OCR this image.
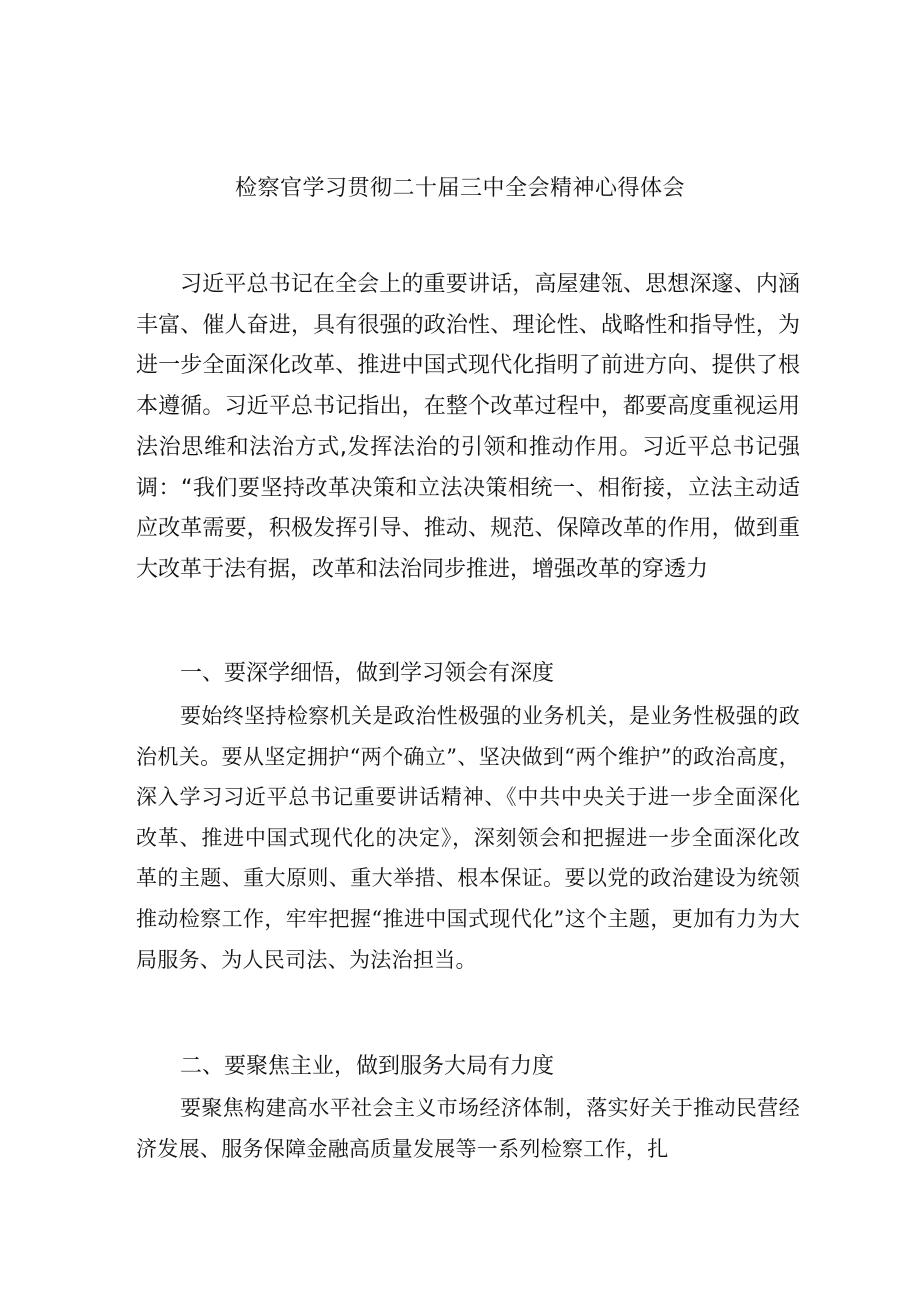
检察官学习贯彻二十届三中全会精神心得体会

习近平总书记在全会上的重要讲话，高屋建瓴、思想深邃、内涵丰富、催人奋进，具有很强的政治性、理论性、战略性和指导性，为进一步全面深化改革、推进中国式现代化指明了前进方向、提供了根本遵循。习近平总书记指出，在整个改革过程中，都要高度重视运用法治思维和法治方式,发挥法治的引领和推动作用。习近平总书记强调：“我们要坚持改革决策和立法决策相统一、相衔接，立法主动适应改革需要，积极发挥引导、推动、规范、保障改革的作用，做到重大改革于法有据，改革和法治同步推进，增强改革的穿透力

一、要深学细悟，做到学习领会有深度

要始终坚持检察机关是政治性极强的业务机关，是业务性极强的政治机关。要从坚定拥护“两个确立”、坚决做到“两个维护”的政治高度，深入学习习近平总书记重要讲话精神、《中共中央关于进一步全面深化改革、推进中国式现代化的决定》，深刻领会和把握进一步全面深化改革的主题、重大原则、重大举措、根本保证。要以党的政治建设为统领推动检察工作，牢牢把握“推进中国式现代化”这个主题，更加有力为大局服务、为人民司法、为法治担当。

二、要聚焦主业，做到服务大局有力度

要聚焦构建高水平社会主义市场经济体制，落实好关于推动民营经济发展、服务保障金融高质量发展等一系列检察工作，扎
